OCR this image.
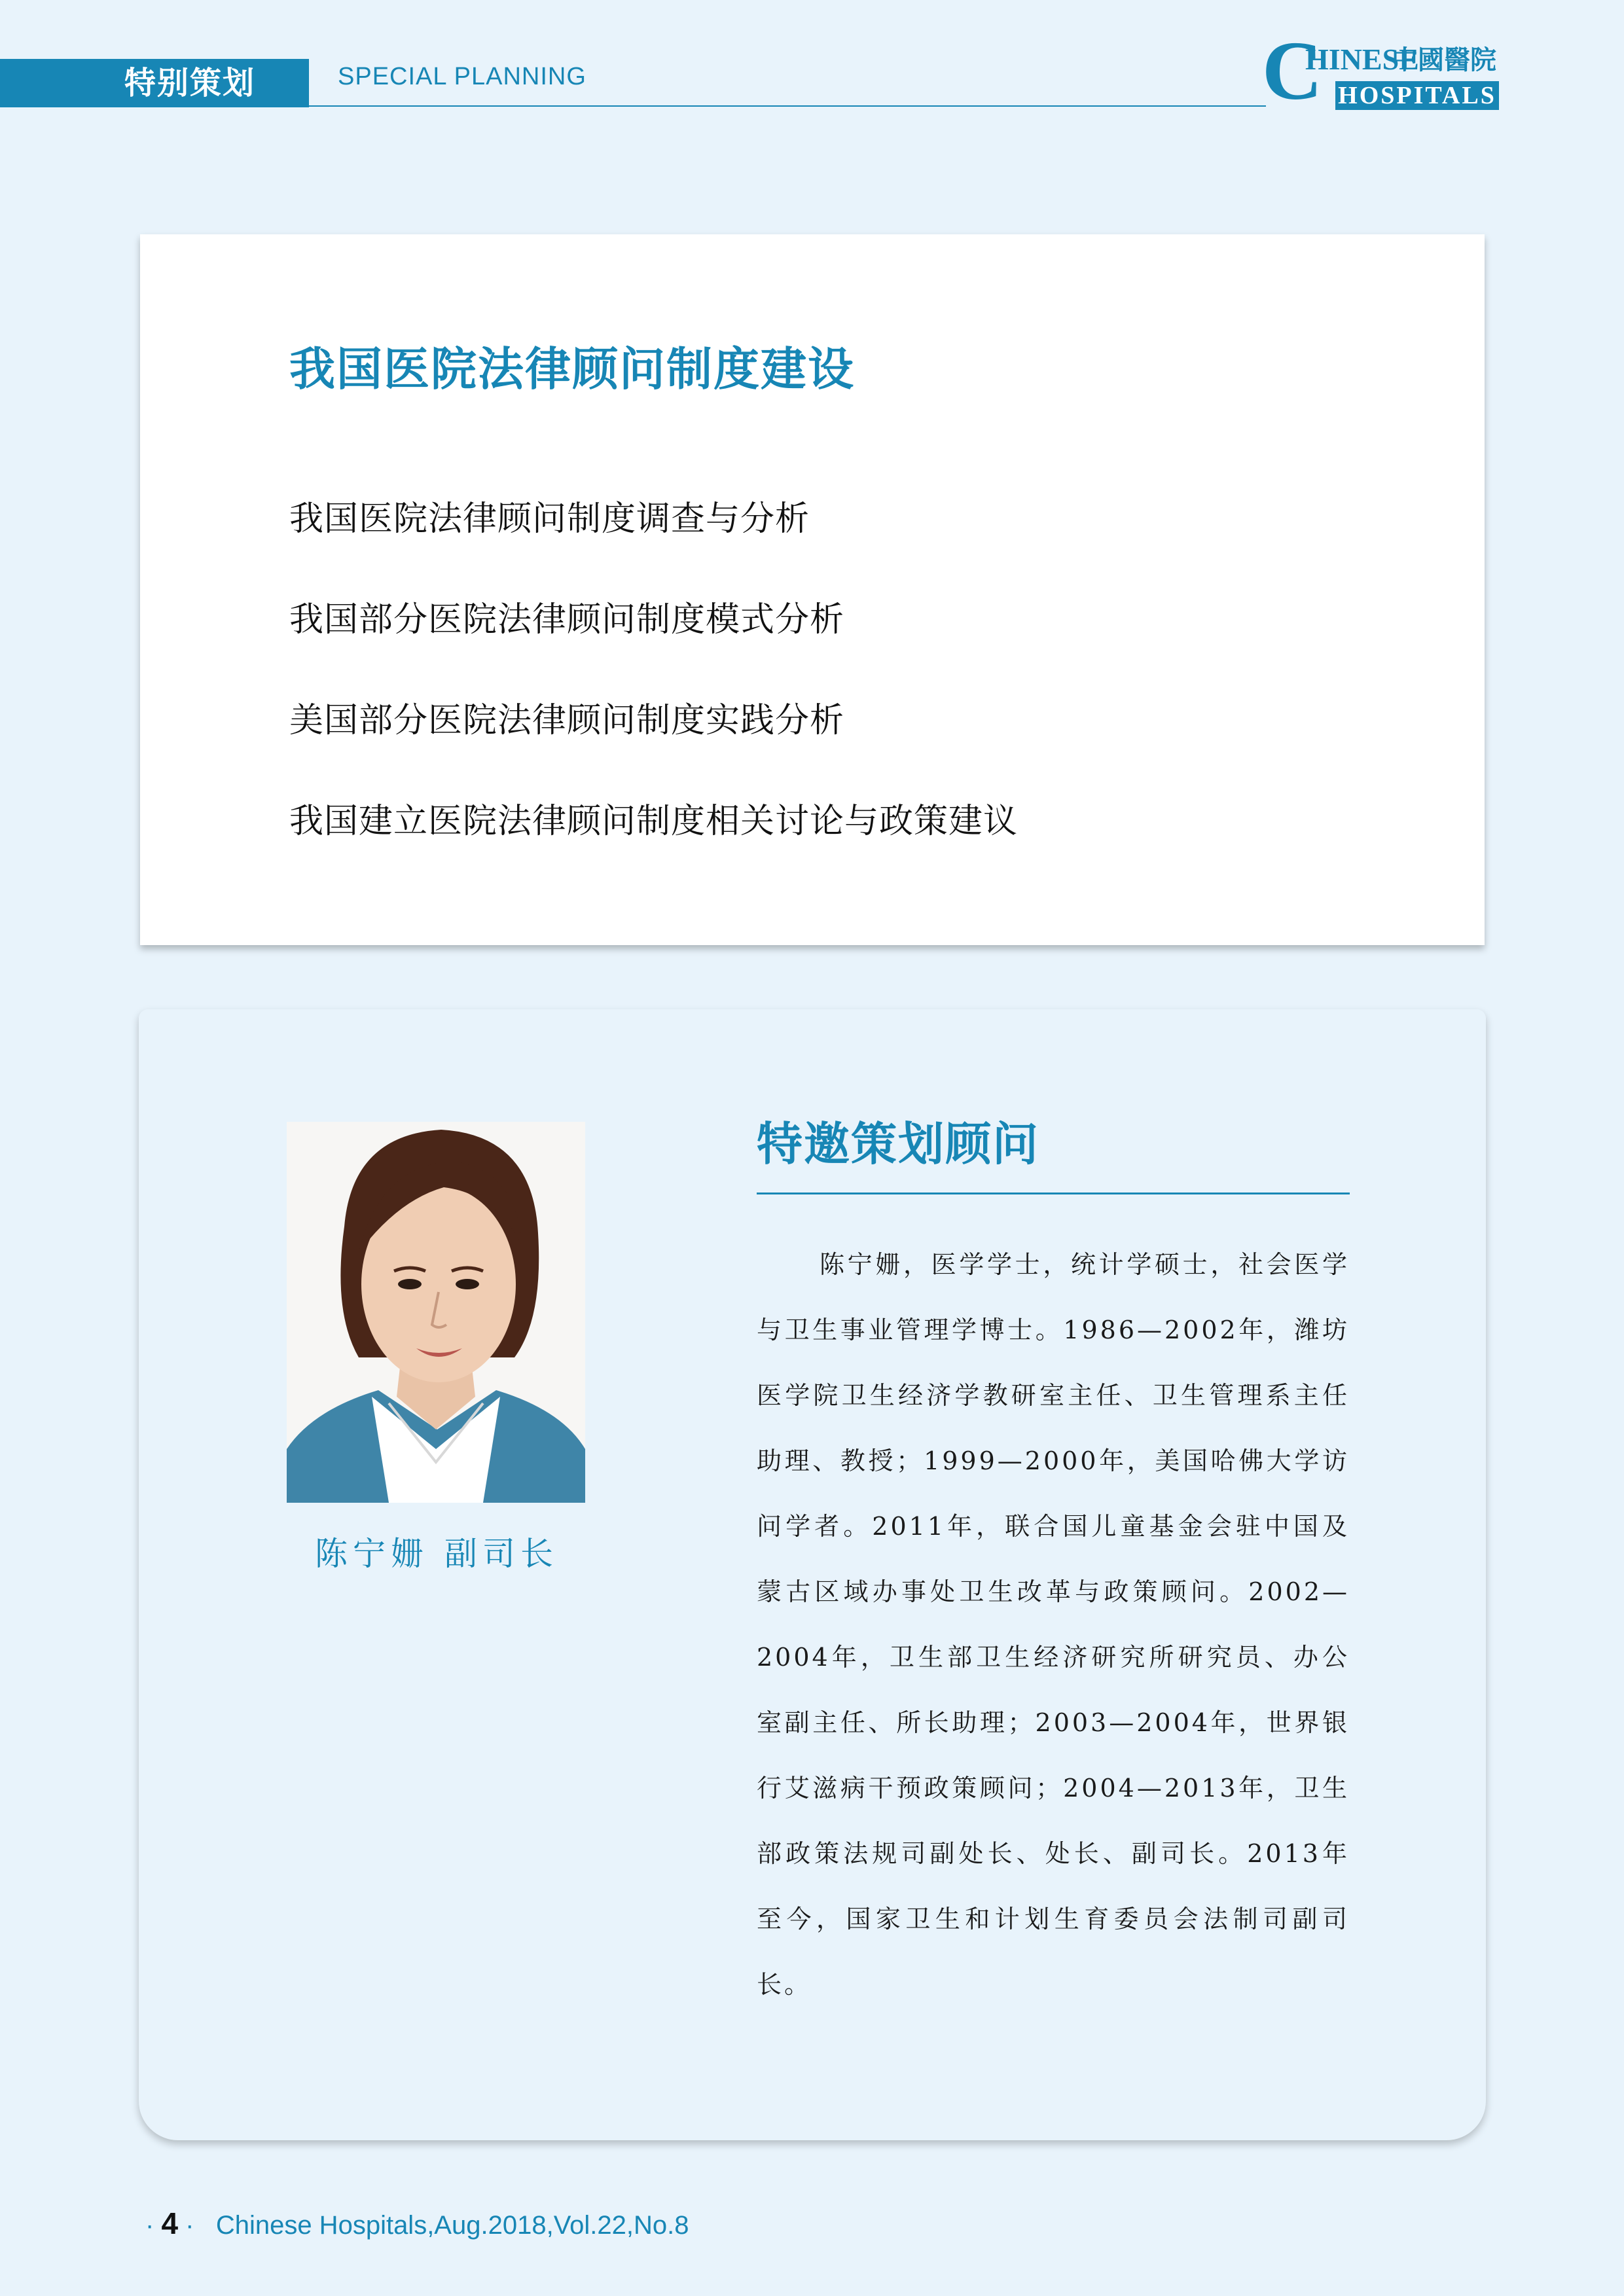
特别策划	SPECIAL PLANNING	C
HINESE
中國醫院
HOSPITALS
我国医院法律顾问制度建设
我国医院法律顾问制度调查与分析
我国部分医院法律顾问制度模式分析
美国部分医院法律顾问制度实践分析
我国建立医院法律顾问制度相关讨论与政策建议
陈宁姗 副司长
特邀策划顾问

陈宁姗，医学学士，统计学硕士，社会医学与卫生事业管理学博士。1986—2002年，潍坊医学院卫生经济学教研室主任、卫生管理系主任助理、教授；1999—2000年，美国哈佛大学访问学者。2011年，联合国儿童基金会驻中国及蒙古区域办事处卫生改革与政策顾问。2002—2004年，卫生部卫生经济研究所研究员、办公室副主任、所长助理；2003—2004年，世界银行艾滋病干预政策顾问；2004—2013年，卫生部政策法规司副处长、处长、副司长。2013年至今，国家卫生和计划生育委员会法制司副司长。

· 4 · Chinese Hospitals,Aug.2018,Vol.22,No.8
